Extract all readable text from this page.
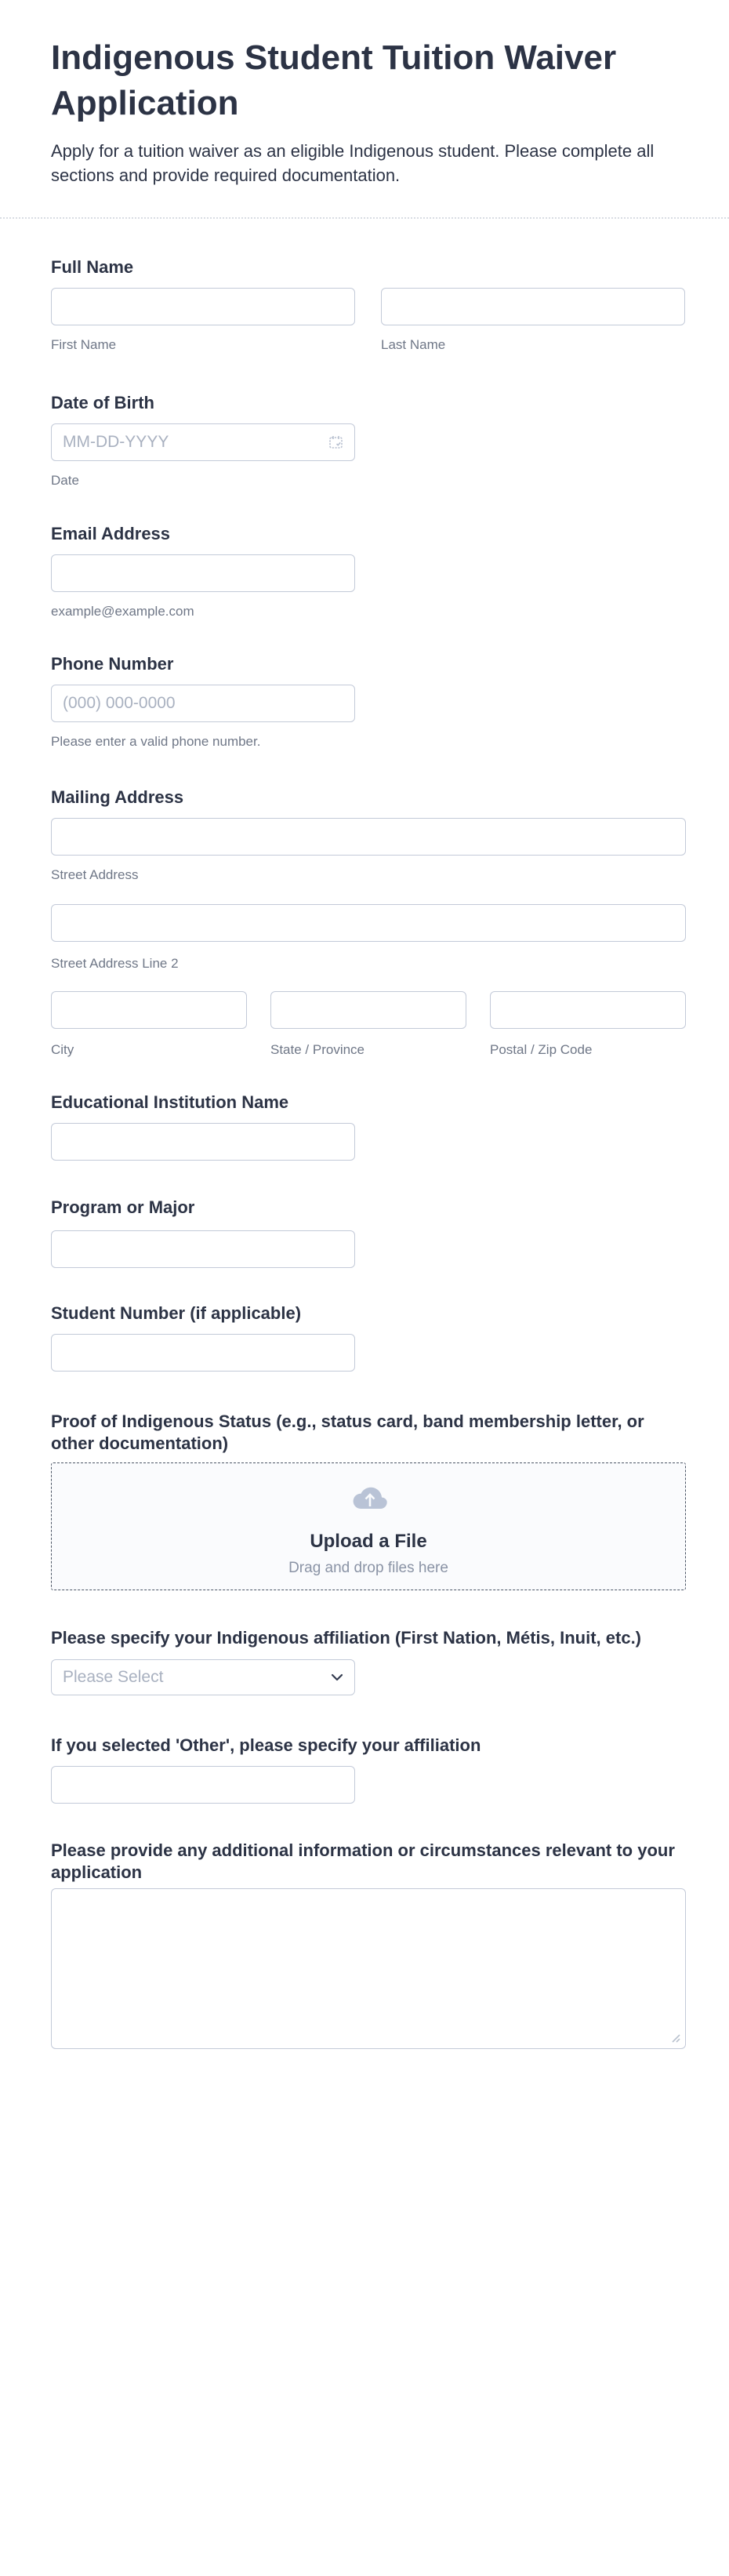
Indigenous Student Tuition Waiver Application

Apply for a tuition waiver as an eligible Indigenous student. Please complete all sections and provide required documentation.

Full Name
First Name	Last Name
Date of Birth
MM-DD-YYYY
Date
Email Address
example@example.com
Phone Number
(000) 000-0000
Please enter a valid phone number.
Mailing Address
Street Address
Street Address Line 2
City	State / Province	Postal / Zip Code
Educational Institution Name
Program or Major
Student Number (if applicable)
Proof of Indigenous Status (e.g., status card, band membership letter, or other documentation)
Upload a File
Drag and drop files here
Please specify your Indigenous affiliation (First Nation, Métis, Inuit, etc.)
Please Select
If you selected 'Other', please specify your affiliation
Please provide any additional information or circumstances relevant to your application
